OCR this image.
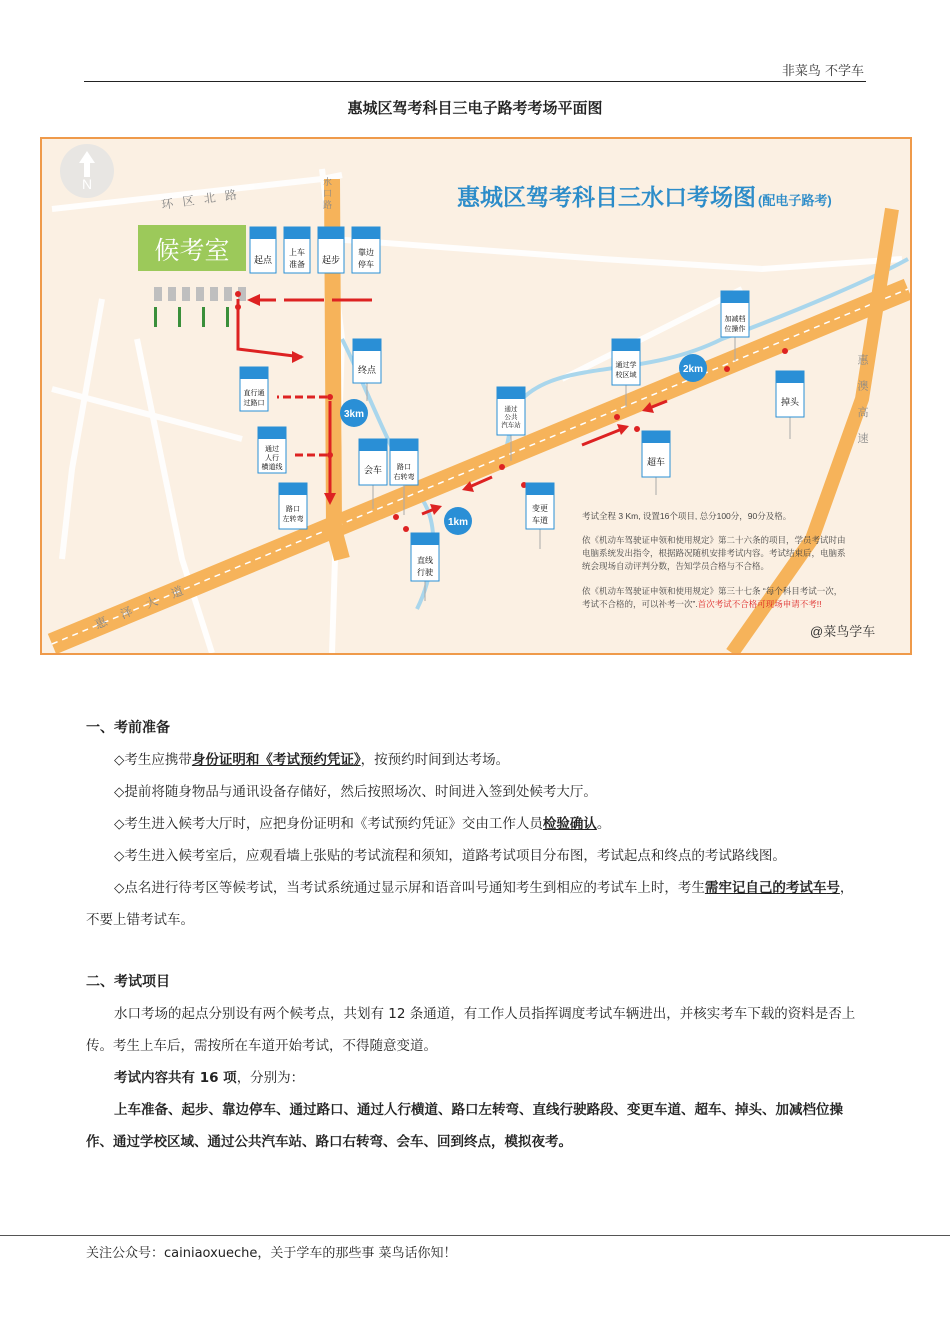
非菜鸟 不学车
惠城区驾考科目三电子路考考场平面图
N
环 区 北 路	水 口 路
惠 泽 大 道
惠 澳 高 速
惠城区驾考科目三水口考场图 (配电子路考)
候考室
1km
2km
3km
起点
上车
准备 起步
靠边
停车
终点
直行通
过路口
通过
人行
横道线
路口
左转弯
会车 路口
右转弯
直线
行驶
通过
公共
汽车站
变更
车道
通过学
校区域
超车
加减档
位操作
掉头
考试全程 3 Km, 设置16个项目, 总分100分，90分及格。
依《机动车驾驶证申领和使用规定》第二十六条的项目，学员考试时由
电脑系统发出指令，根据路况随机安排考试内容。考试结束后，电脑系
统会现场自动评判分数，告知学员合格与不合格。
依《机动车驾驶证申领和使用规定》第三十七条 “每个科目考试一次，
考试不合格的，可以补考一次”.首次考试不合格可现场申请不考!!
@菜鸟学车
一、考前准备

◇考生应携带身份证明和《考试预约凭证》，按预约时间到达考场。

◇提前将随身物品与通讯设备存储好，然后按照场次、时间进入签到处候考大厅。

◇考生进入候考大厅时，应把身份证明和《考试预约凭证》交由工作人员检验确认。

◇考生进入候考室后，应观看墙上张贴的考试流程和须知，道路考试项目分布图，考试起点和终点的考试路线图。

◇点名进行待考区等候考试，当考试系统通过显示屏和语音叫号通知考生到相应的考试车上时，考生需牢记自己的考试车号，不要上错考试车。

二、考试项目

水口考场的起点分别设有两个候考点，共划有 12 条通道，有工作人员指挥调度考试车辆进出，并核实考车下载的资料是否上传。考生上车后，需按所在车道开始考试，不得随意变道。

考试内容共有 16 项，分别为：

上车准备、起步、靠边停车、通过路口、通过人行横道、路口左转弯、直线行驶路段、变更车道、超车、掉头、加减档位操作、通过学校区域、通过公共汽车站、路口右转弯、会车、回到终点，模拟夜考。

关注公众号：cainiaoxueche，关于学车的那些事 菜鸟话你知！
